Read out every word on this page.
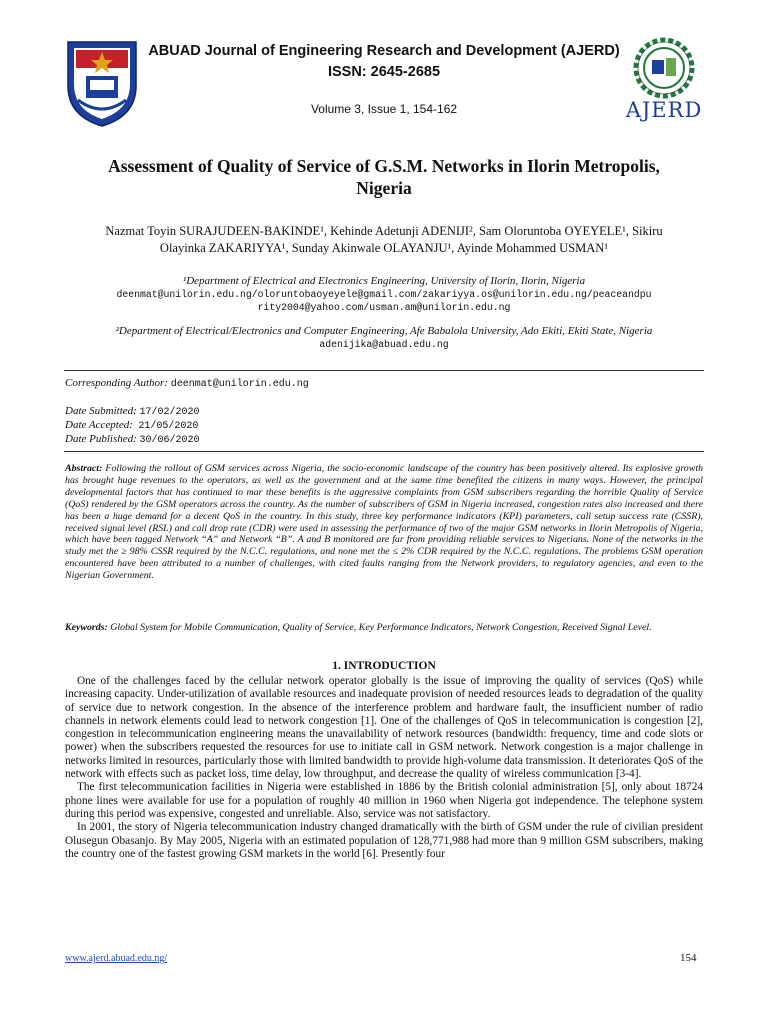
AJERD
ABUAD Journal of Engineering Research and Development (AJERD)
ISSN: 2645-2685
Volume 3, Issue 1, 154-162
Assessment of Quality of Service of G.S.M. Networks in Ilorin Metropolis,
Nigeria
Nazmat Toyin SURAJUDEEN-BAKINDE¹, Kehinde Adetunji ADENIJI², Sam Oloruntoba OYEYELE¹, Sikiru
Olayinka ZAKARIYYA¹, Sunday Akinwale OLAYANJU¹, Ayinde Mohammed USMAN¹
¹Department of Electrical and Electronics Engineering, University of Ilorin, Ilorin, Nigeria
deenmat@unilorin.edu.ng/oloruntobaoyeyele@gmail.com/zakariyya.os@unilorin.edu.ng/peaceandpu
rity2004@yahoo.com/usman.am@unilorin.edu.ng
²Department of Electrical/Electronics and Computer Engineering, Afe Babalola University, Ado Ekiti, Ekiti State, Nigeria
adenijika@abuad.edu.ng
Corresponding Author: deenmat@unilorin.edu.ng
Date Submitted: 17/02/2020
Date Accepted: 21/05/2020
Date Published: 30/06/2020
Abstract: Following the rollout of GSM services across Nigeria, the socio-economic landscape of the country has been positively altered. Its explosive growth has brought huge revenues to the operators, as well as the government and at the same time benefited the citizens in many ways. However, the principal developmental factors that has continued to mar these benefits is the aggressive complaints from GSM subscribers regarding the horrible Quality of Service (QoS) rendered by the GSM operators across the country. As the number of subscribers of GSM in Nigeria increased, congestion rates also increased and there has been a huge demand for a decent QoS in the country. In this study, three key performance indicators (KPI) parameters, call setup success rate (CSSR), received signal level (RSL) and call drop rate (CDR) were used in assessing the performance of two of the major GSM networks in Ilorin Metropolis of Nigeria, which have been tagged Network “A” and Network “B”. A and B monitored are far from providing reliable services to Nigerians. None of the networks in the study met the ≥ 98% CSSR required by the N.C.C. regulations, and none met the ≤ 2% CDR required by the N.C.C. regulations. The problems GSM operation encountered have been attributed to a number of challenges, with cited faults ranging from the Network providers, to regulatory agencies, and even to the Nigerian Government.
Keywords: Global System for Mobile Communication, Quality of Service, Key Performance Indicators, Network Congestion, Received Signal Level.
1. INTRODUCTION

One of the challenges faced by the cellular network operator globally is the issue of improving the quality of services (QoS) while increasing capacity. Under-utilization of available resources and inadequate provision of needed resources leads to degradation of the quality of service due to network congestion. In the absence of the interference problem and hardware fault, the insufficient number of radio channels in network elements could lead to network congestion [1]. One of the challenges of QoS in telecommunication is congestion [2], congestion in telecommunication engineering means the unavailability of network resources (bandwidth: frequency, time and code slots or power) when the subscribers requested the resources for use to initiate call in GSM network. Network congestion is a major challenge in networks limited in resources, particularly those with limited bandwidth to provide high-volume data transmission. It deteriorates QoS of the network with effects such as packet loss, time delay, low throughput, and decrease the quality of wireless communication [3-4].

The first telecommunication facilities in Nigeria were established in 1886 by the British colonial administration [5], only about 18724 phone lines were available for use for a population of roughly 40 million in 1960 when Nigeria got independence. The telephone system during this period was expensive, congested and unreliable. Also, service was not satisfactory.

In 2001, the story of Nigeria telecommunication industry changed dramatically with the birth of GSM under the rule of civilian president Olusegun Obasanjo. By May 2005, Nigeria with an estimated population of 128,771,988 had more than 9 million GSM subscribers, making the country one of the fastest growing GSM markets in the world [6]. Presently four

www.ajerd.abuad.edu.ng/	154
